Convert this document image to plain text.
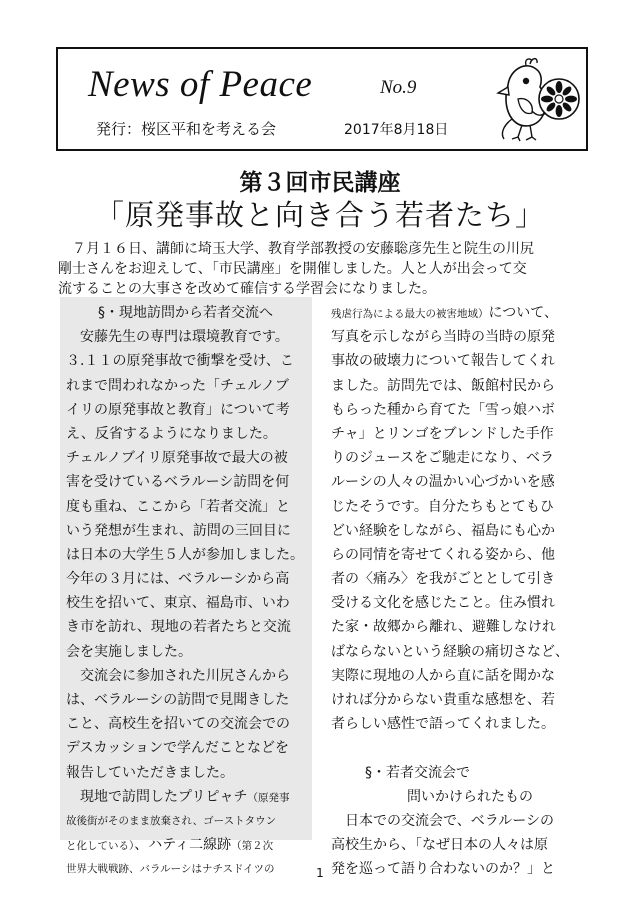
News of Peace	No.9
発行：桜区平和を考える会	2017年8月18日
第３回市民講座
「原発事故と向き合う若者たち」
　７月１６日、講師に埼玉大学、教育学部教授の安藤聡彦先生と院生の川尻
剛士さんをお迎えして、「市民講座」を開催しました。人と人が出会って交
流することの大事さを改めて確信する学習会になりました。
§・現地訪問から若者交流へ
　安藤先生の専門は環境教育です。
３.１１の原発事故で衝撃を受け、こ
れまで問われなかった「チェルノブ
イリの原発事故と教育」について考
え、反省するようになりました。
チェルノブイリ原発事故で最大の被
害を受けているベラルーシ訪問を何
度も重ね、ここから「若者交流」と
いう発想が生まれ、訪問の三回目に
は日本の大学生５人が参加しました。
今年の３月には、ベラルーシから高
校生を招いて、東京、福島市、いわ
き市を訪れ、現地の若者たちと交流
会を実施しました。
　交流会に参加された川尻さんから
は、ベラルーシの訪問で見聞きした
こと、高校生を招いての交流会での
デスカッションで学んだことなどを
報告していただきました。
　現地で訪問したプリピャチ（原発事
故後街がそのまま放棄され、ゴーストタウン
と化している）、ハティ二線跡（第２次
世界大戦戦跡、バラルーシはナチスドイツの
残虐行為による最大の被害地域）について、
写真を示しながら当時の当時の原発
事故の破壊力について報告してくれ
ました。訪問先では、飯館村民から
もらった種から育てた「雪っ娘ハボ
チャ」とリンゴをブレンドした手作
りのジュースをご馳走になり、ベラ
ルーシの人々の温かい心づかいを感
じたそうです。自分たちもとてもひ
どい経験をしながら、福島にも心か
らの同情を寄せてくれる姿から、他
者の〈痛み〉を我がごととして引き
受ける文化を感じたこと。住み慣れ
た家・故郷から離れ、避難しなけれ
ばならないという経験の痛切さなど、
実際に現地の人から直に話を聞かな
ければ分からない貴重な感想を、若
者らしい感性で語ってくれました。
§・若者交流会で
問いかけられたもの
　日本での交流会で、ベラルーシの
高校生から、「なぜ日本の人々は原
発を巡って語り合わないのか？」と
1
